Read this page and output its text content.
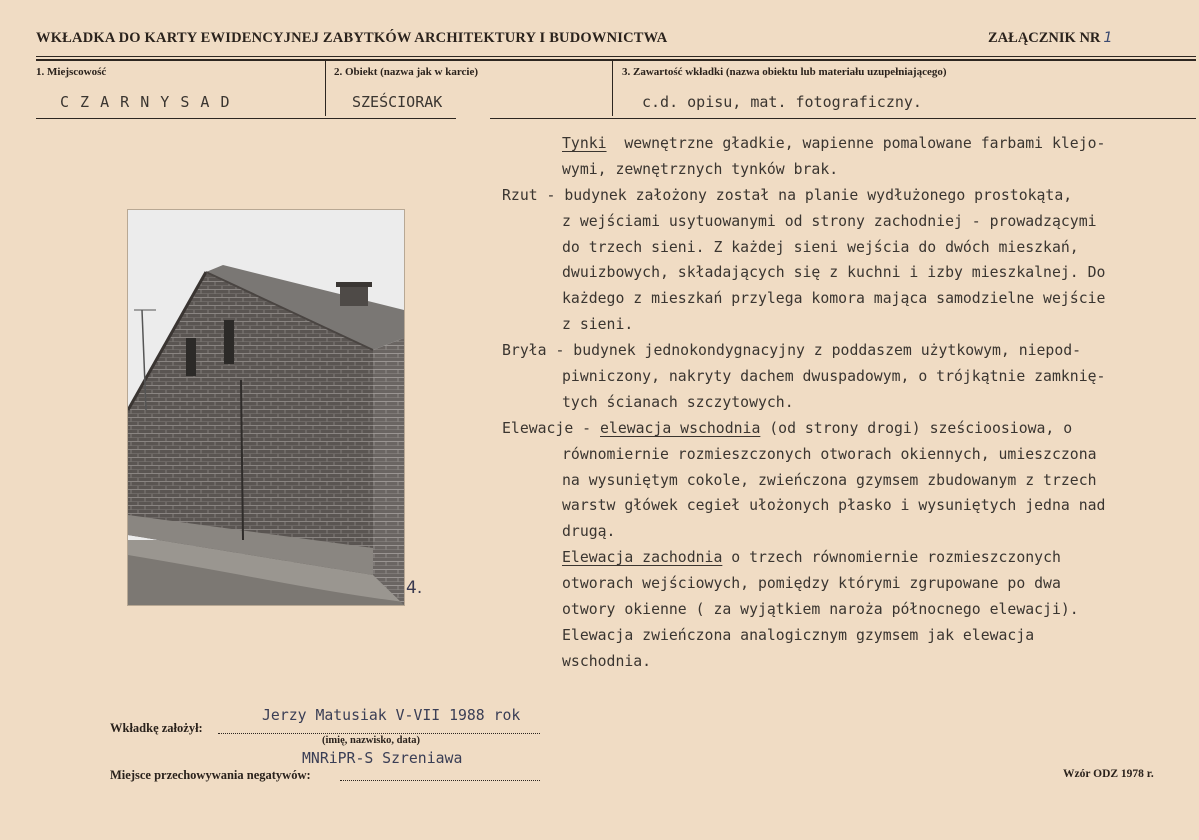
WKŁADKA DO KARTY EWIDENCYJNEJ ZABYTKÓW ARCHITEKTURY I BUDOWNICTWA	ZAŁĄCZNIK NR 1
1. Miejscowość
C Z A R N Y S A D
2. Obiekt (nazwa jak w karcie)
SZEŚCIORAK
3. Zawartość wkładki (nazwa obiektu lub materiału uzupełniającego)
c.d. opisu, mat. fotograficzny.
4.
Tynki  wewnętrzne gładkie, wapienne pomalowane farbami klejo-
wymi, zewnętrznych tynków brak.
Rzut - budynek założony został na planie wydłużonego prostokąta,
z wejściami usytuowanymi od strony zachodniej - prowadzącymi
do trzech sieni. Z każdej sieni wejścia do dwóch mieszkań,
dwuizbowych, składających się z kuchni i izby mieszkalnej. Do
każdego z mieszkań przylega komora mająca samodzielne wejście
z sieni.
Bryła - budynek jednokondygnacyjny z poddaszem użytkowym, niepod-
piwniczony, nakryty dachem dwuspadowym, o trójkątnie zamknię-
tych ścianach szczytowych.
Elewacje - elewacja wschodnia (od strony drogi) sześcioosiowa, o
równomiernie rozmieszczonych otworach okiennych, umieszczona
na wysuniętym cokole, zwieńczona gzymsem zbudowanym z trzech
warstw główek cegieł ułożonych płasko i wysuniętych jedna nad
drugą.
Elewacja zachodnia o trzech równomiernie rozmieszczonych
otworach wejściowych, pomiędzy którymi zgrupowane po dwa
otwory okienne ( za wyjątkiem naroża północnego elewacji).
Elewacja zwieńczona analogicznym gzymsem jak elewacja
wschodnia.
Wkładkę założył:
Jerzy Matusiak V-VII 1988 rok
(imię, nazwisko, data)
MNRiPR-S Szreniawa
Miejsce przechowywania negatywów:	Wzór ODZ 1978 r.
